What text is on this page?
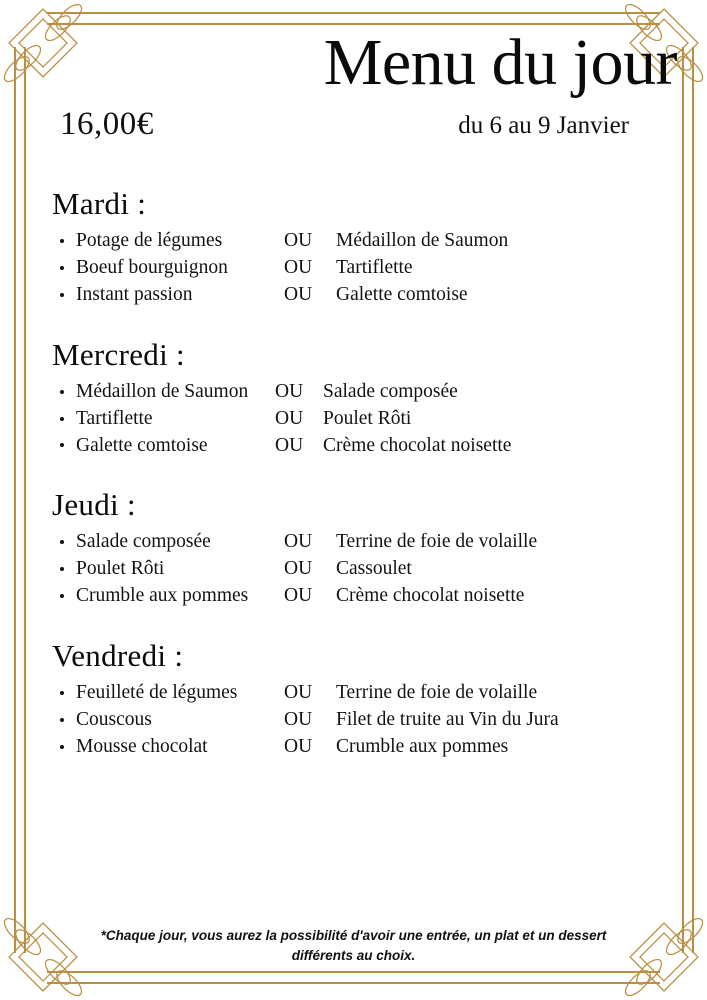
Menu du jour
16,00€	du 6 au 9 Janvier
Mardi :
Potage de légumes	OU	Médaillon de Saumon
Boeuf bourguignon	OU	Tartiflette
Instant passion	OU	Galette comtoise
Mercredi :
Médaillon de Saumon	OU	Salade composée
Tartiflette	OU	Poulet Rôti
Galette comtoise	OU	Crème chocolat noisette
Jeudi :
Salade composée	OU	Terrine de foie de volaille
Poulet Rôti	OU	Cassoulet
Crumble aux pommes	OU	Crème chocolat noisette
Vendredi :
Feuilleté de légumes	OU	Terrine de foie de volaille
Couscous	OU	Filet de truite au Vin du Jura
Mousse chocolat	OU	Crumble aux pommes
*Chaque jour, vous aurez la possibilité d'avoir une entrée, un plat et un dessert différents au choix.
